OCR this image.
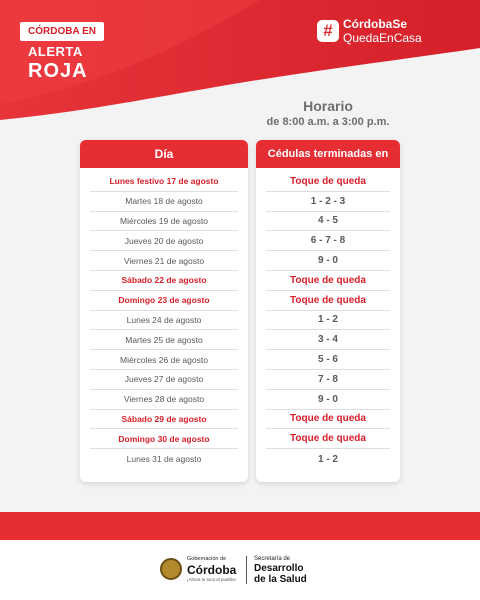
CÓRDOBA EN
ALERTA
ROJA
# CórdobaSe
QuedaEnCasa
Horario
de 8:00 a.m. a 3:00 p.m.
Día
Lunes festivo 17 de agosto
Martes 18 de agosto
Miércoles 19 de agosto
Jueves 20 de agosto
Viernes 21 de agosto
Sábado 22 de agosto
Domingo 23 de agosto
Lunes 24 de agosto
Martes 25 de agosto
Miércoles 26 de agosto
Jueves 27 de agosto
Viernes 28 de agosto
Sábado 29 de agosto
Domingo 30 de agosto
Lunes 31 de agosto
Cédulas terminadas en
Toque de queda
1 - 2 - 3
4 - 5
6 - 7 - 8
9 - 0
Toque de queda
Toque de queda
1 - 2
3 - 4
5 - 6
7 - 8
9 - 0
Toque de queda
Toque de queda
1 - 2
Gobernación de
Córdoba
¡Ahora le toca al pueblo!
Secretaría de
Desarrollo
de la Salud
